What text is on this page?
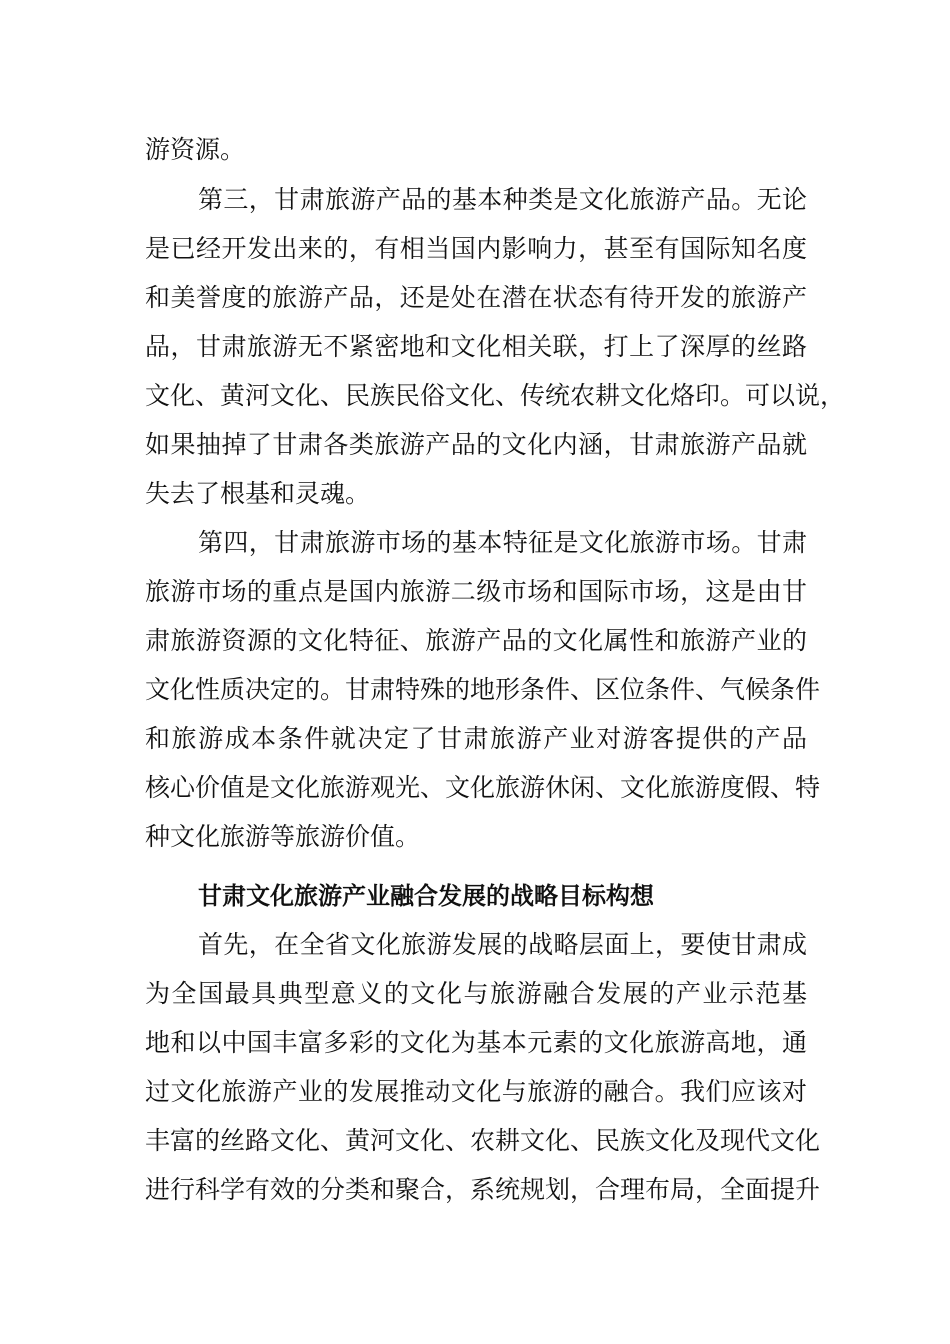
游资源。
第三，甘肃旅游产品的基本种类是文化旅游产品。无论
是已经开发出来的，有相当国内影响力，甚至有国际知名度
和美誉度的旅游产品，还是处在潜在状态有待开发的旅游产
品，甘肃旅游无不紧密地和文化相关联，打上了深厚的丝路
文化、黄河文化、民族民俗文化、传统农耕文化烙印。可以说，
如果抽掉了甘肃各类旅游产品的文化内涵，甘肃旅游产品就
失去了根基和灵魂。
第四，甘肃旅游市场的基本特征是文化旅游市场。甘肃
旅游市场的重点是国内旅游二级市场和国际市场，这是由甘
肃旅游资源的文化特征、旅游产品的文化属性和旅游产业的
文化性质决定的。甘肃特殊的地形条件、区位条件、气候条件
和旅游成本条件就决定了甘肃旅游产业对游客提供的产品
核心价值是文化旅游观光、文化旅游休闲、文化旅游度假、特
种文化旅游等旅游价值。
甘肃文化旅游产业融合发展的战略目标构想
首先，在全省文化旅游发展的战略层面上，要使甘肃成
为全国最具典型意义的文化与旅游融合发展的产业示范基
地和以中国丰富多彩的文化为基本元素的文化旅游高地，通
过文化旅游产业的发展推动文化与旅游的融合。我们应该对
丰富的丝路文化、黄河文化、农耕文化、民族文化及现代文化
进行科学有效的分类和聚合，系统规划，合理布局，全面提升
